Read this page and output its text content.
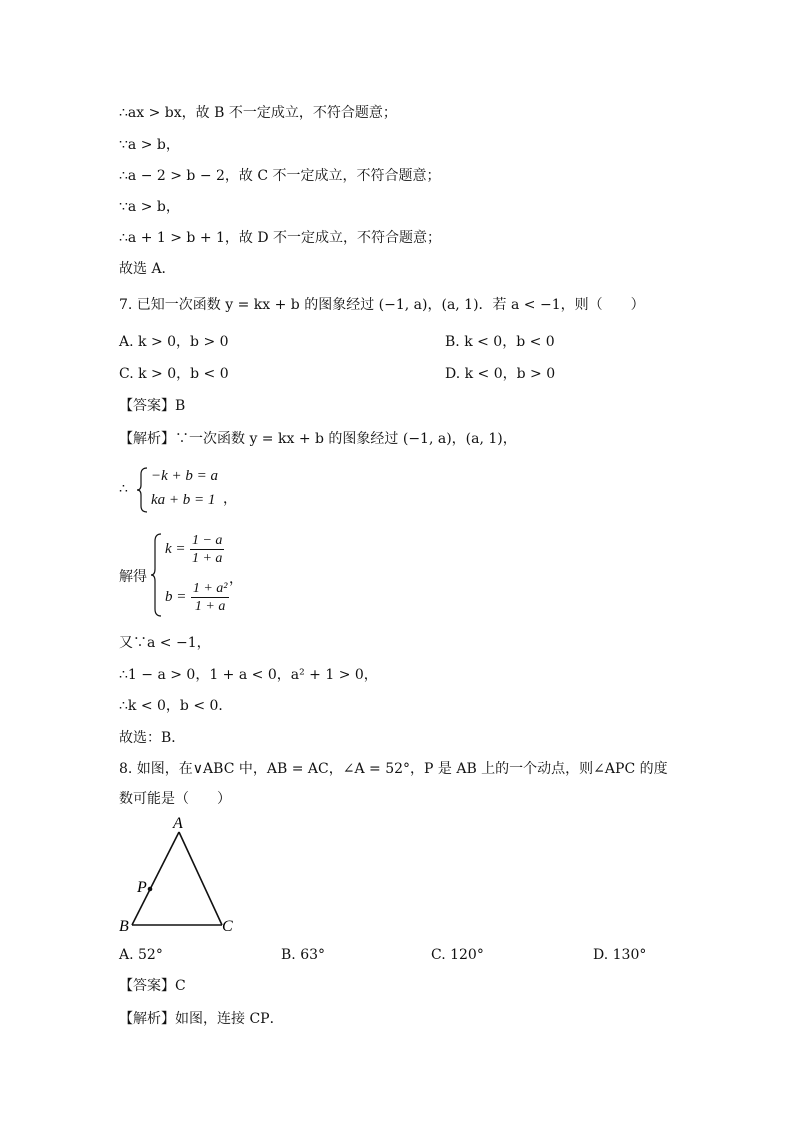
∴ax > bx，故 B 不一定成立，不符合题意；
∵a > b，
∴a − 2 > b − 2，故 C 不一定成立，不符合题意；
∵a > b，
∴a + 1 > b + 1，故 D 不一定成立，不符合题意；
故选 A．
7. 已知一次函数 y = kx + b 的图象经过 (−1, a)，(a, 1)．若 a < −1，则（　　）
A. k > 0，b > 0	B. k < 0，b < 0
C. k > 0，b < 0	D. k < 0，b > 0
【答案】B
【解析】∵一次函数 y = kx + b 的图象经过 (−1, a)，(a, 1)，
∴
−k + b = a
ka + b = 1 ，
解得
$k = \frac{1 - a}{1 + a}$
$b = \frac{\text{1 + a²}}{1 + a}$
，
又∵a < −1，
∴1 − a > 0，1 + a < 0，a² + 1 > 0，
∴k < 0，b < 0．
故选：B．
8. 如图，在∨ABC 中，AB = AC，∠A = 52°，P 是 AB 上的一个动点，则∠APC 的度
数可能是（　　）
A
B	C
P
A. 52°	B. 63°	C. 120°	D. 130°
【答案】C
【解析】如图，连接 CP．
